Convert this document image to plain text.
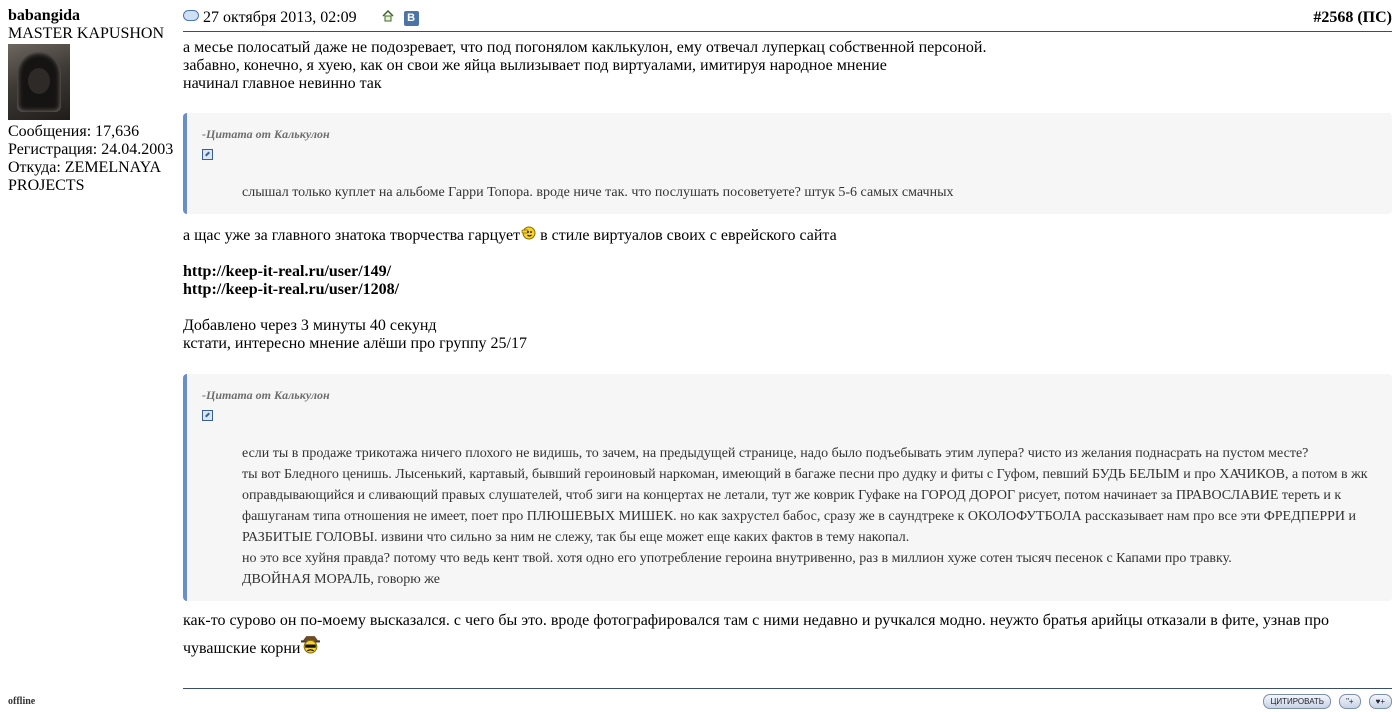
babangida
MASTER KAPUSHON
Сообщения: 17,636
Регистрация: 24.04.2003
Откуда: ZEMELNAYA PROJECTS
offline
27 октября 2013, 02:09	В	#2568 (ПС)
а месье полосатый даже не подозревает, что под погонялом каклькулон, ему отвечал луперкац собственной персоной.
забавно, конечно, я хуею, как он свои же яйца вылизывает под виртуалами, имитируя народное мнение
начинал главное невинно так
-Цитата от Калькулон
слышал только куплет на альбоме Гарри Топора. вроде ниче так. что послушать посоветуете? штук 5-6 самых смачных
а щас уже за главного знатока творчества гарцует в стиле виртуалов своих с еврейского сайта
http://keep-it-real.ru/user/149/
http://keep-it-real.ru/user/1208/
Добавлено через 3 минуты 40 секунд
кстати, интересно мнение алёши про группу 25/17
-Цитата от Калькулон
если ты в продаже трикотажа ничего плохого не видишь, то зачем, на предыдущей странице, надо было подъебывать этим лупера? чисто из желания поднасрать на пустом месте?
ты вот Бледного ценишь. Лысенький, картавый, бывший героиновый наркоман, имеющий в багаже песни про дудку и фиты с Гуфом, певший БУДЬ БЕЛЫМ и про ХАЧИКОВ, а потом в жк оправдывающийся и сливающий правых слушателей, чтоб зиги на концертах не летали, тут же коврик Гуфаке на ГОРОД ДОРОГ рисует, потом начинает за ПРАВОСЛАВИЕ тереть и к фашуганам типа отношения не имеет, поет про ПЛЮШЕВЫХ МИШЕК. но как захрустел бабос, сразу же в саундтреке к ОКОЛОФУТБОЛА рассказывает нам про все эти ФРЕДПЕРРИ и РАЗБИТЫЕ ГОЛОВЫ. извини что сильно за ним не слежу, так бы еще может еще каких фактов в тему накопал.
но это все хуйня правда? потому что ведь кент твой. хотя одно его употребление героина внутривенно, раз в миллион хуже сотен тысяч песенок с Капами про травку.
ДВОЙНАЯ МОРАЛЬ, говорю же
как-то сурово он по-моему высказался. с чего бы это. вроде фотографировался там с ними недавно и ручкался модно. неужто братья арийцы отказали в фите, узнав про чувашские корни
ЦИТИРОВАТЬ	"+	♥+
